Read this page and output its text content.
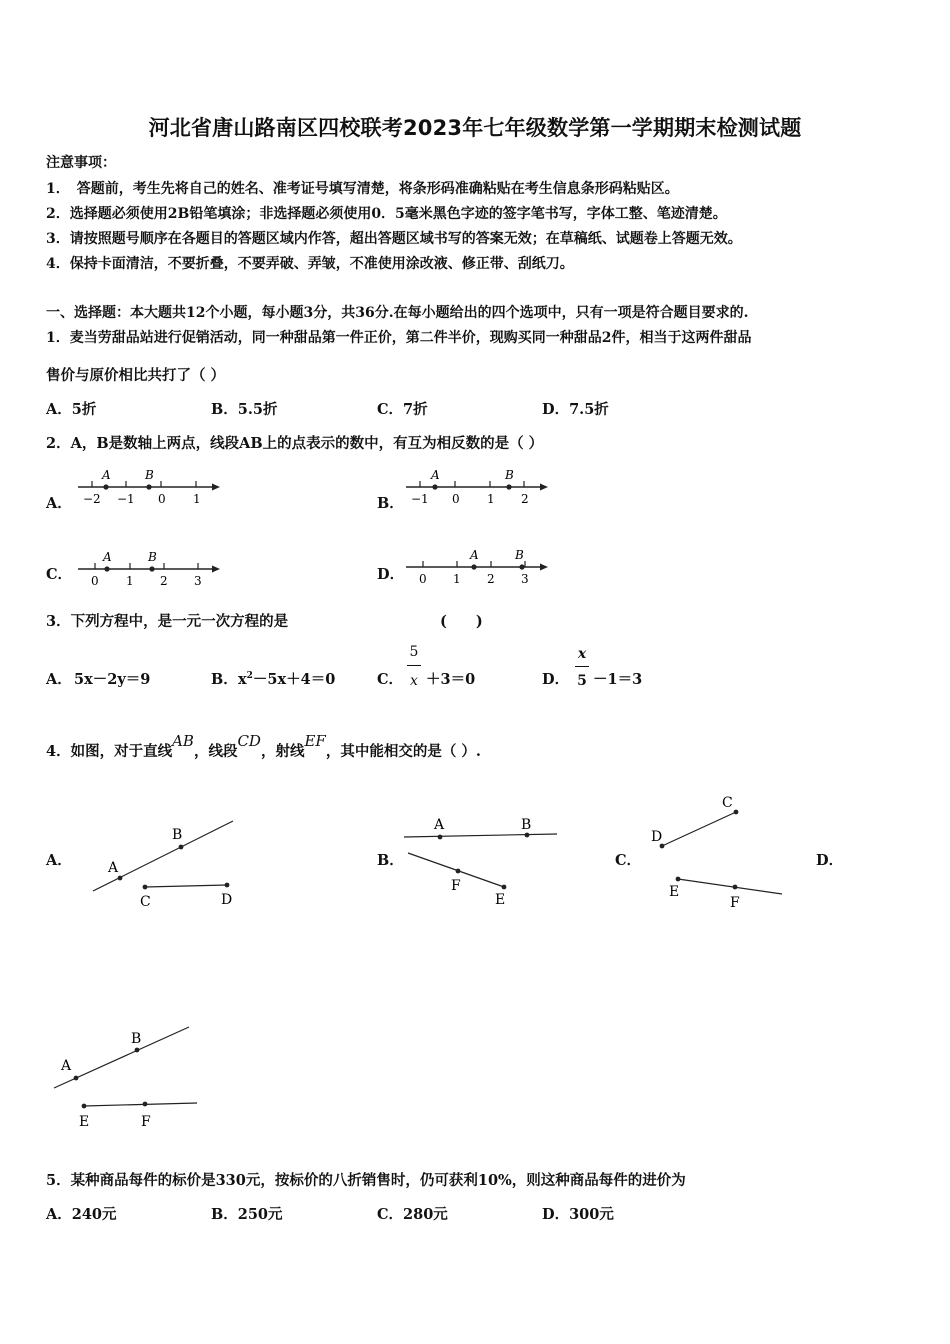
河北省唐山路南区四校联考2023年七年级数学第一学期期末检测试题
注意事项：
1．　答题前，考生先将自己的姓名、准考证号填写清楚，将条形码准确粘贴在考生信息条形码粘贴区。
2．选择题必须使用2B铅笔填涂；非选择题必须使用0．5毫米黑色字迹的签字笔书写，字体工整、笔迹清楚。
3．请按照题号顺序在各题目的答题区域内作答，超出答题区域书写的答案无效；在草稿纸、试题卷上答题无效。
4．保持卡面清洁，不要折叠，不要弄破、弄皱，不准使用涂改液、修正带、刮纸刀。
一、选择题：本大题共12个小题，每小题3分，共36分.在每小题给出的四个选项中，只有一项是符合题目要求的.
1．麦当劳甜品站进行促销活动，同一种甜品第一件正价，第二件半价，现购买同一种甜品2件，相当于这两件甜品
售价与原价相比共打了（ ）
A．5折	B．5.5折	C．7折	D．7.5折
2．A，B是数轴上两点，线段AB上的点表示的数中，有互为相反数的是（ ）
A．
A	B
−2 −1 0 1	B．
A	B
−1 0 1 2
C．
A	B
0 1 2 3	D．
A	B
0 1 2 3
3．下列方程中，是一元一次方程的是	(　　)
A． 5x－2y＝9	B． $x^2-5x+4=0$	C．
5
x ＋3＝0	D．
x
5 －1＝3
4．如图，对于直线AB，线段CD，射线EF，其中能相交的是（ ）.
A．	A
B
C	D
B．
A	B
F
E
C．
C
D
E
F
D．
A
B
E	F
5．某种商品每件的标价是330元，按标价的八折销售时，仍可获利10%，则这种商品每件的进价为
A．240元	B．250元	C．280元	D．300元
